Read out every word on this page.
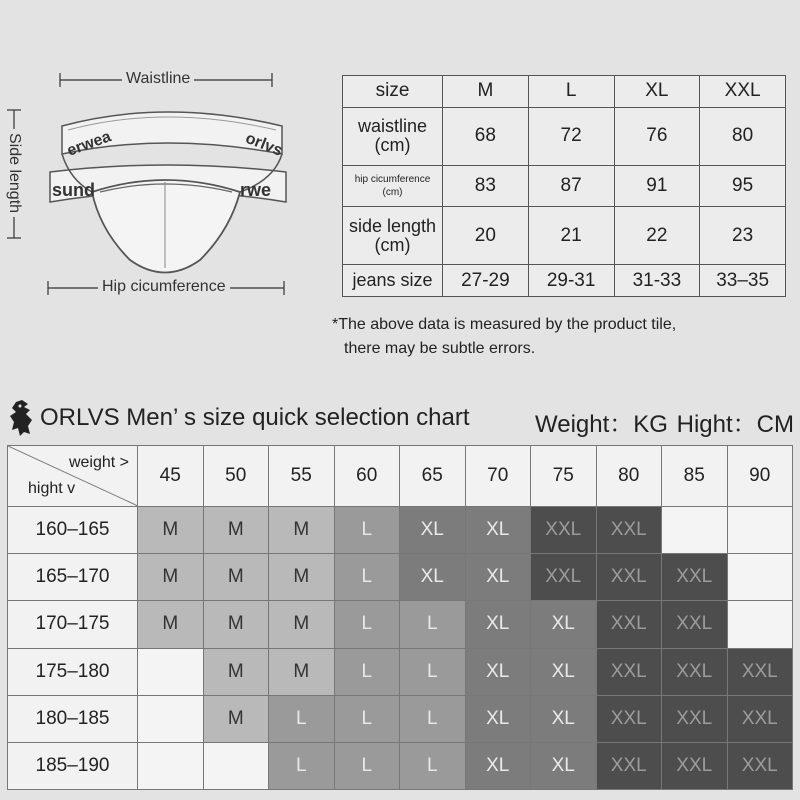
erwea	orlvs
sund	rwe
Waistline
Side length
Hip cicumference
size	M	L	XL	XXL
waistline
(cm)	68	72	76	80
hip cicumference
(cm)	83	87	91	95
side length
(cm)	20	21	22	23
jeans size	27-29	29-31	31-33	33–35
*The above data is measured by the product tile,
there may be subtle errors.
ORLVS Men’ s size quick selection chart	Weight：KG Hight：CM
weight >
hight v	45	50	55	60	65	70	75	80	85	90
160–165	M	M	M	L	XL	XL	XXL	XXL		
165–170	M	M	M	L	XL	XL	XXL	XXL	XXL	
170–175	M	M	M	L	L	XL	XL	XXL	XXL	
175–180		M	M	L	L	XL	XL	XXL	XXL	XXL
180–185		M	L	L	L	XL	XL	XXL	XXL	XXL
185–190			L	L	L	XL	XL	XXL	XXL	XXL
